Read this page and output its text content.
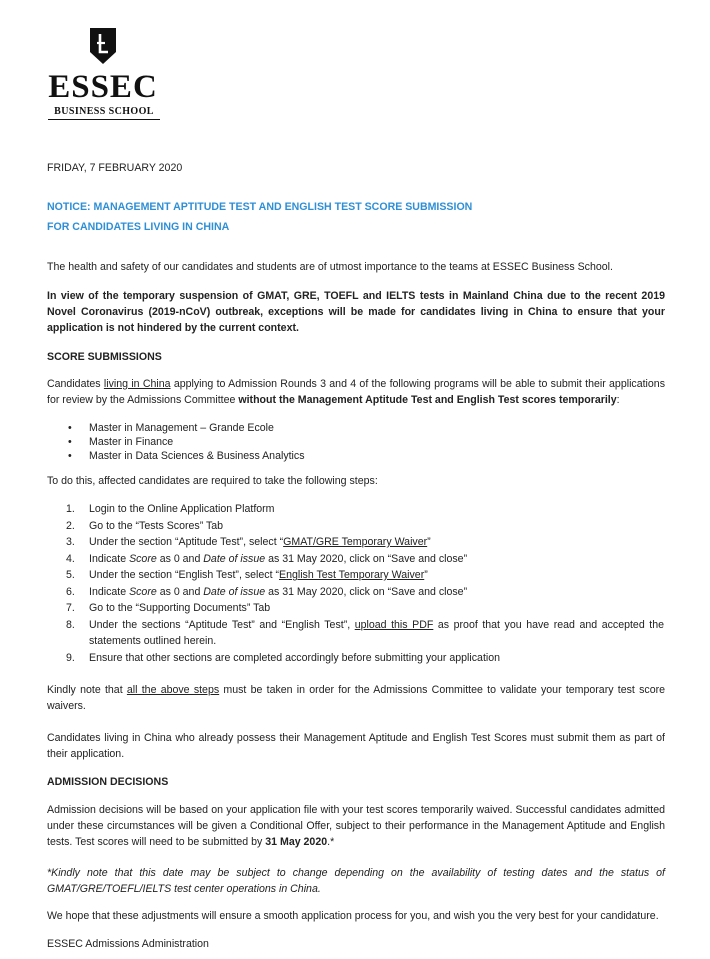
ESSEC
BUSINESS SCHOOL
FRIDAY, 7 FEBRUARY 2020
NOTICE: MANAGEMENT APTITUDE TEST AND ENGLISH TEST SCORE SUBMISSION
FOR CANDIDATES LIVING IN CHINA
The health and safety of our candidates and students are of utmost importance to the teams at ESSEC Business School.
In view of the temporary suspension of GMAT, GRE, TOEFL and IELTS tests in Mainland China due to the recent 2019 Novel Coronavirus (2019-nCoV) outbreak, exceptions will be made for candidates living in China to ensure that your application is not hindered by the current context.
SCORE SUBMISSIONS
Candidates living in China applying to Admission Rounds 3 and 4 of the following programs will be able to submit their applications for review by the Admissions Committee without the Management Aptitude Test and English Test scores temporarily:
• Master in Management – Grande Ecole
• Master in Finance
• Master in Data Sciences & Business Analytics
To do this, affected candidates are required to take the following steps:
1. Login to the Online Application Platform
2. Go to the “Tests Scores” Tab
3. Under the section “Aptitude Test”, select “GMAT/GRE Temporary Waiver”
4. Indicate Score as 0 and Date of issue as 31 May 2020, click on “Save and close”
5. Under the section “English Test”, select “English Test Temporary Waiver”
6. Indicate Score as 0 and Date of issue as 31 May 2020, click on “Save and close”
7. Go to the “Supporting Documents” Tab
8. Under the sections “Aptitude Test” and “English Test”, upload this PDF as proof that you have read and accepted the statements outlined herein.
9. Ensure that other sections are completed accordingly before submitting your application
Kindly note that all the above steps must be taken in order for the Admissions Committee to validate your temporary test score waivers.
Candidates living in China who already possess their Management Aptitude and English Test Scores must submit them as part of their application.
ADMISSION DECISIONS
Admission decisions will be based on your application file with your test scores temporarily waived. Successful candidates admitted under these circumstances will be given a Conditional Offer, subject to their performance in the Management Aptitude and English tests. Test scores will need to be submitted by 31 May 2020.*
*Kindly note that this date may be subject to change depending on the availability of testing dates and the status of GMAT/GRE/TOEFL/IELTS test center operations in China.
We hope that these adjustments will ensure a smooth application process for you, and wish you the very best for your candidature.
ESSEC Admissions Administration
